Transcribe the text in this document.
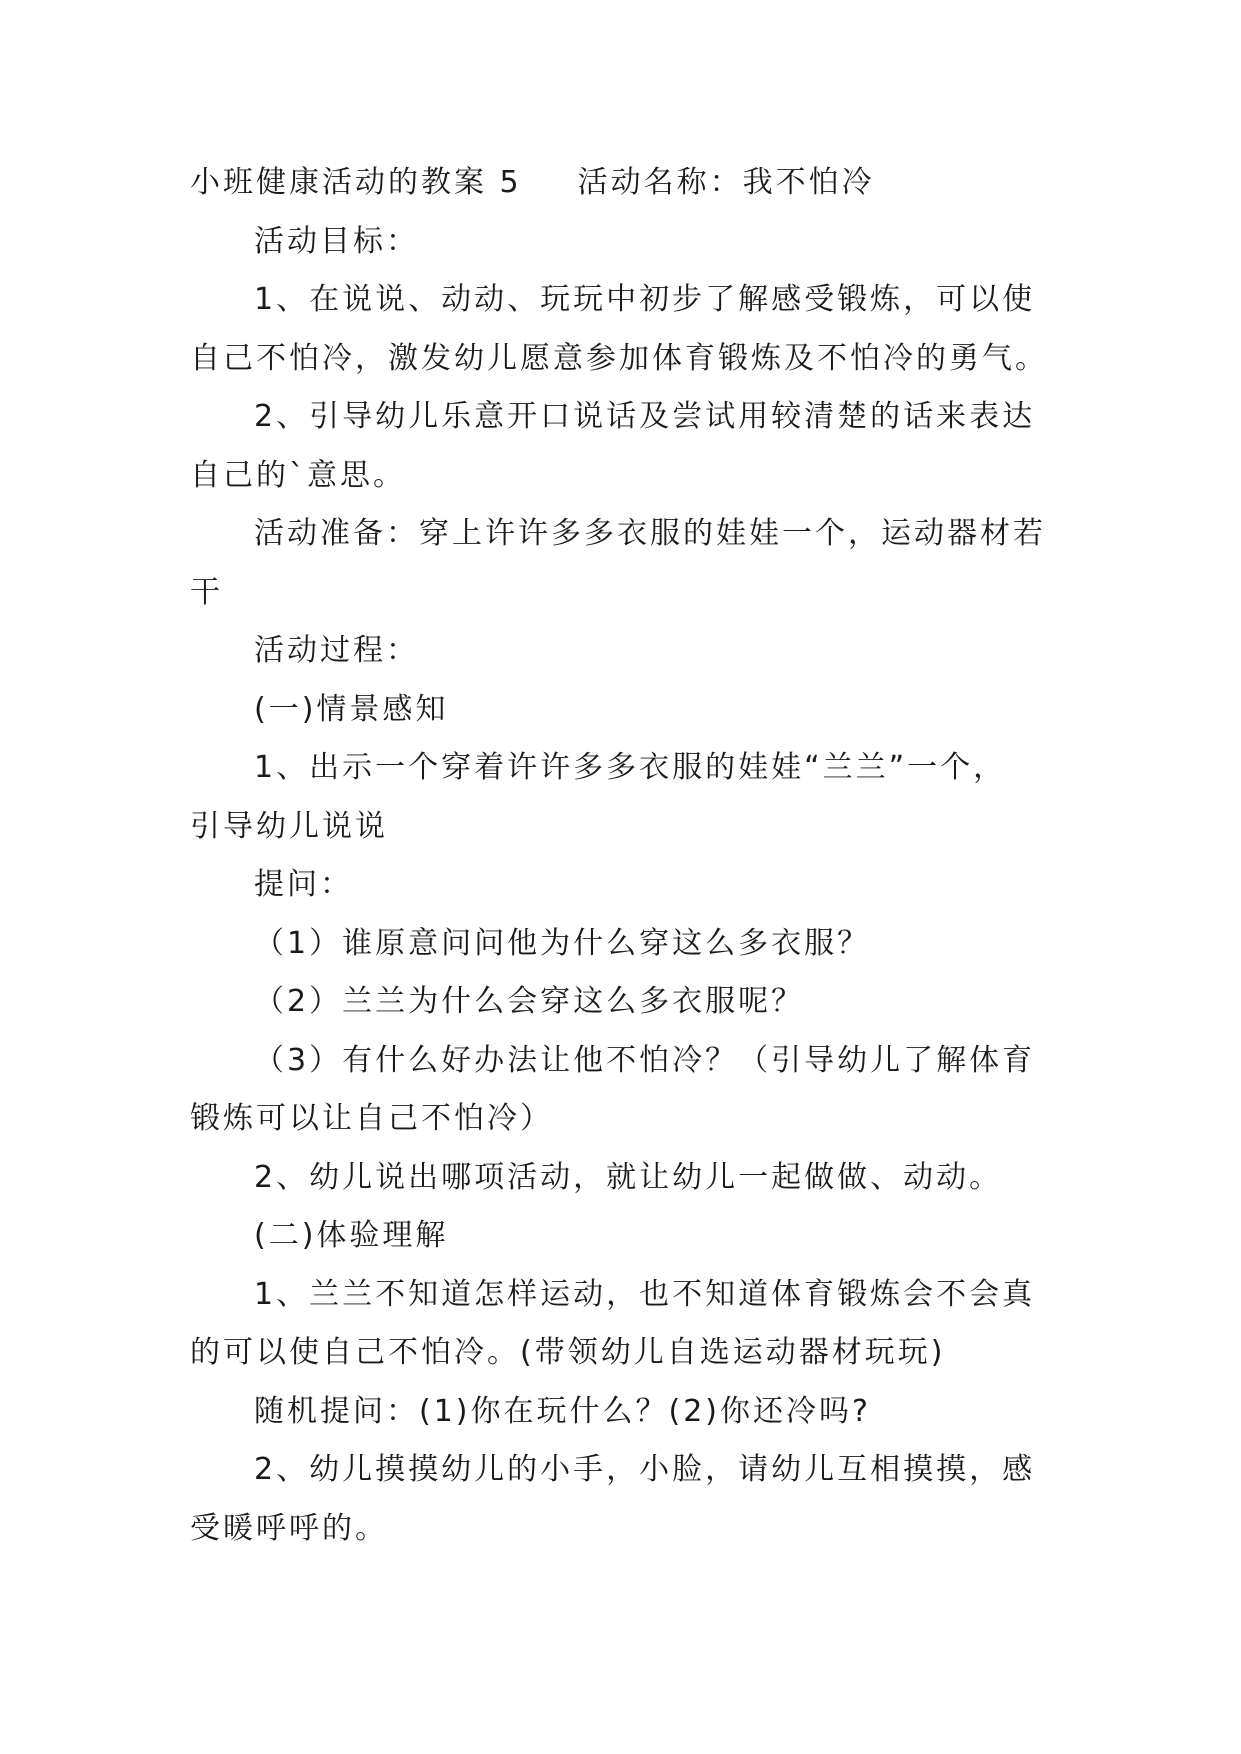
小班健康活动的教案 5 活动名称：我不怕冷

活动目标：

1、在说说、动动、玩玩中初步了解感受锻炼，可以使

自己不怕冷，激发幼儿愿意参加体育锻炼及不怕冷的勇气。

2、引导幼儿乐意开口说话及尝试用较清楚的话来表达

自己的`意思。

活动准备：穿上许许多多衣服的娃娃一个，运动器材若

干

活动过程：

(一)情景感知

1、出示一个穿着许许多多衣服的娃娃“兰兰”一个，

引导幼儿说说

提问：

（1）谁原意问问他为什么穿这么多衣服？

（2）兰兰为什么会穿这么多衣服呢？

（3）有什么好办法让他不怕冷？（引导幼儿了解体育

锻炼可以让自己不怕冷）

2、幼儿说出哪项活动，就让幼儿一起做做、动动。

(二)体验理解

1、兰兰不知道怎样运动，也不知道体育锻炼会不会真

的可以使自己不怕冷。(带领幼儿自选运动器材玩玩)

随机提问：(1)你在玩什么？(2)你还冷吗?

2、幼儿摸摸幼儿的小手，小脸，请幼儿互相摸摸，感

受暖呼呼的。
